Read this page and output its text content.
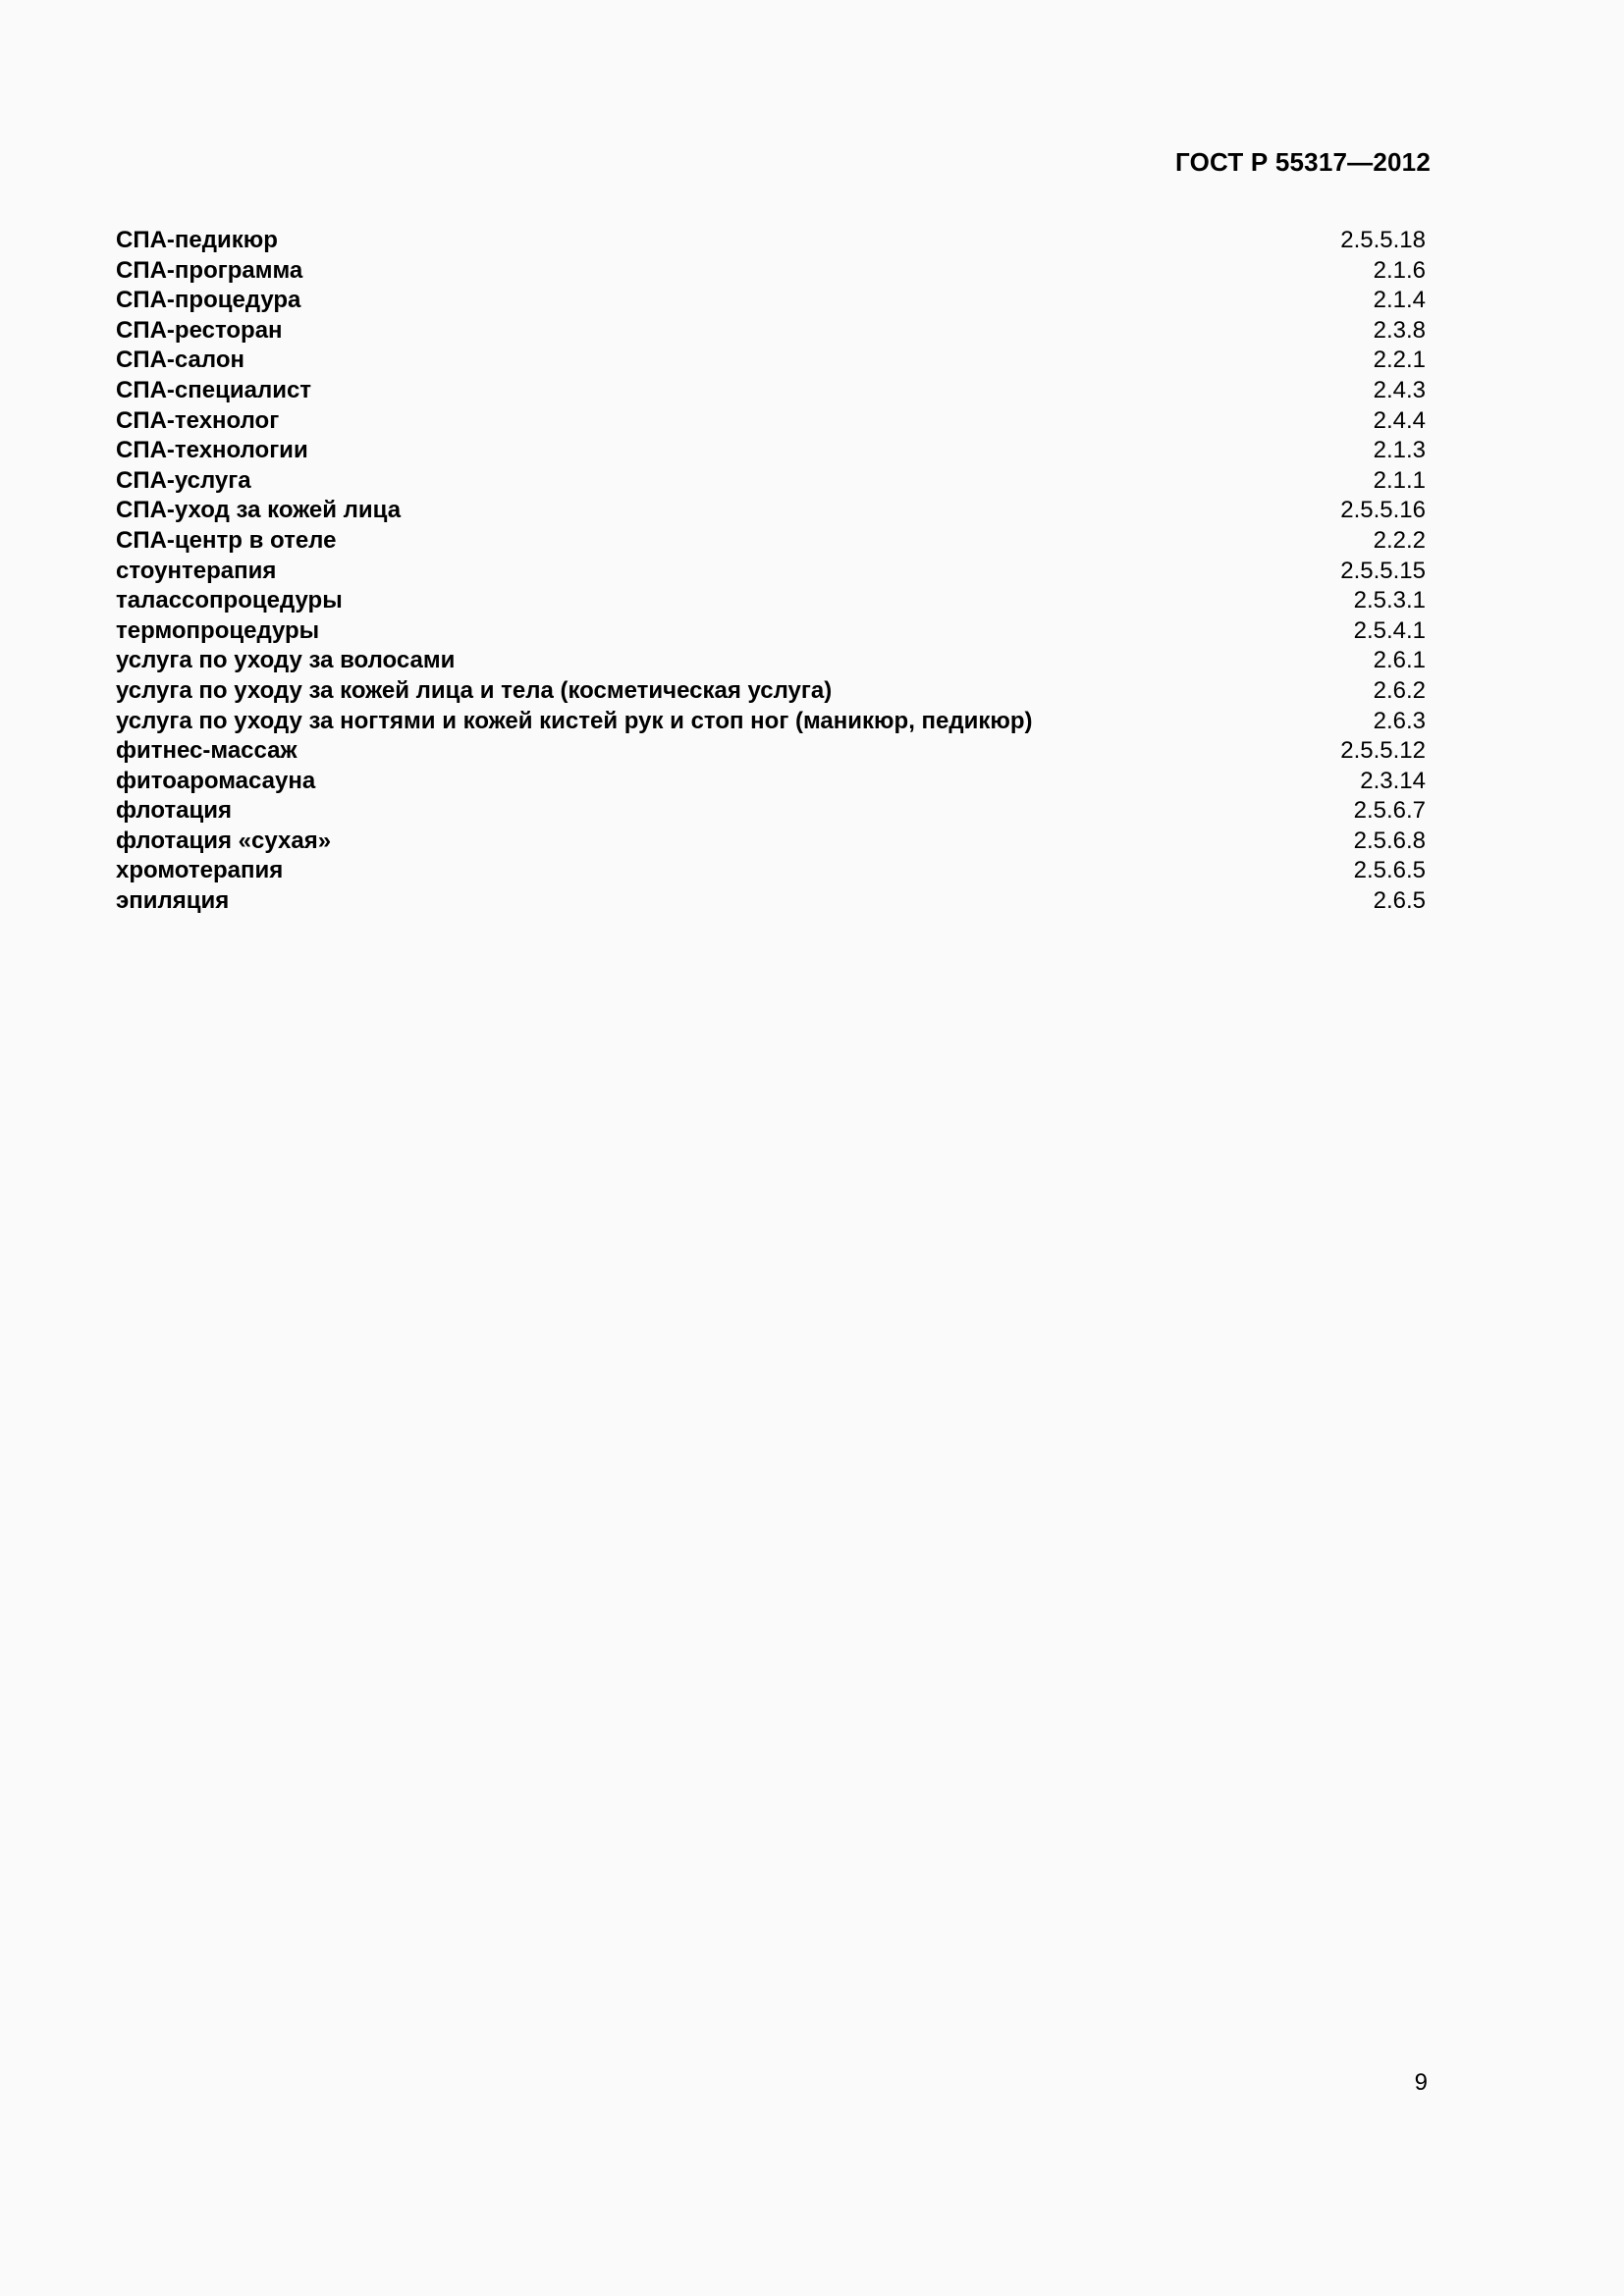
ГОСТ Р 55317—2012
СПА-педикюр	2.5.5.18
СПА-программа	2.1.6
СПА-процедура	2.1.4
СПА-ресторан	2.3.8
СПА-салон	2.2.1
СПА-специалист	2.4.3
СПА-технолог	2.4.4
СПА-технологии	2.1.3
СПА-услуга	2.1.1
СПА-уход за кожей лица	2.5.5.16
СПА-центр в отеле	2.2.2
стоунтерапия	2.5.5.15
талассопроцедуры	2.5.3.1
термопроцедуры	2.5.4.1
услуга по уходу за волосами	2.6.1
услуга по уходу за кожей лица и тела (косметическая услуга)	2.6.2
услуга по уходу за ногтями и кожей кистей рук и стоп ног (маникюр, педикюр)	2.6.3
фитнес-массаж	2.5.5.12
фитоаромасауна	2.3.14
флотация	2.5.6.7
флотация «сухая»	2.5.6.8
хромотерапия	2.5.6.5
эпиляция	2.6.5
9
